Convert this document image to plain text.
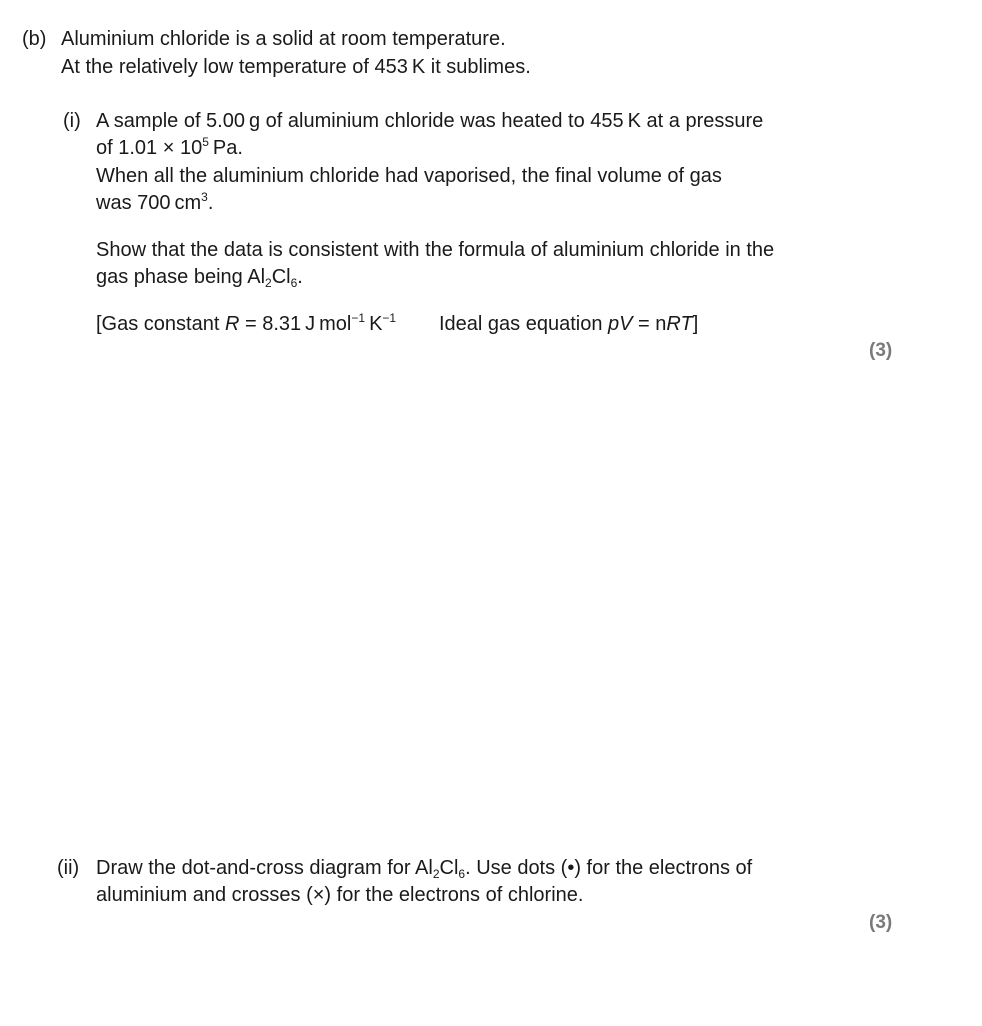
(b) Aluminium chloride is a solid at room temperature.
At the relatively low temperature of 453 K it sublimes.
(i) A sample of 5.00 g of aluminium chloride was heated to 455 K at a pressure
of $1.01 \times 10^5$ Pa.
When all the aluminium chloride had vaporised, the final volume of gas
was 700 $cm^3$.
Show that the data is consistent with the formula of aluminium chloride in the
gas phase being $Al_2Cl_6$.
[Gas constant R = 8.31 J mol$^{-1}$ $K^{-1}$ Ideal gas equation pV = nRT]
(3)
(ii) Draw the dot-and-cross diagram for $Al_2Cl_6$. Use dots (•) for the electrons of
aluminium and crosses (×) for the electrons of chlorine.
(3)
